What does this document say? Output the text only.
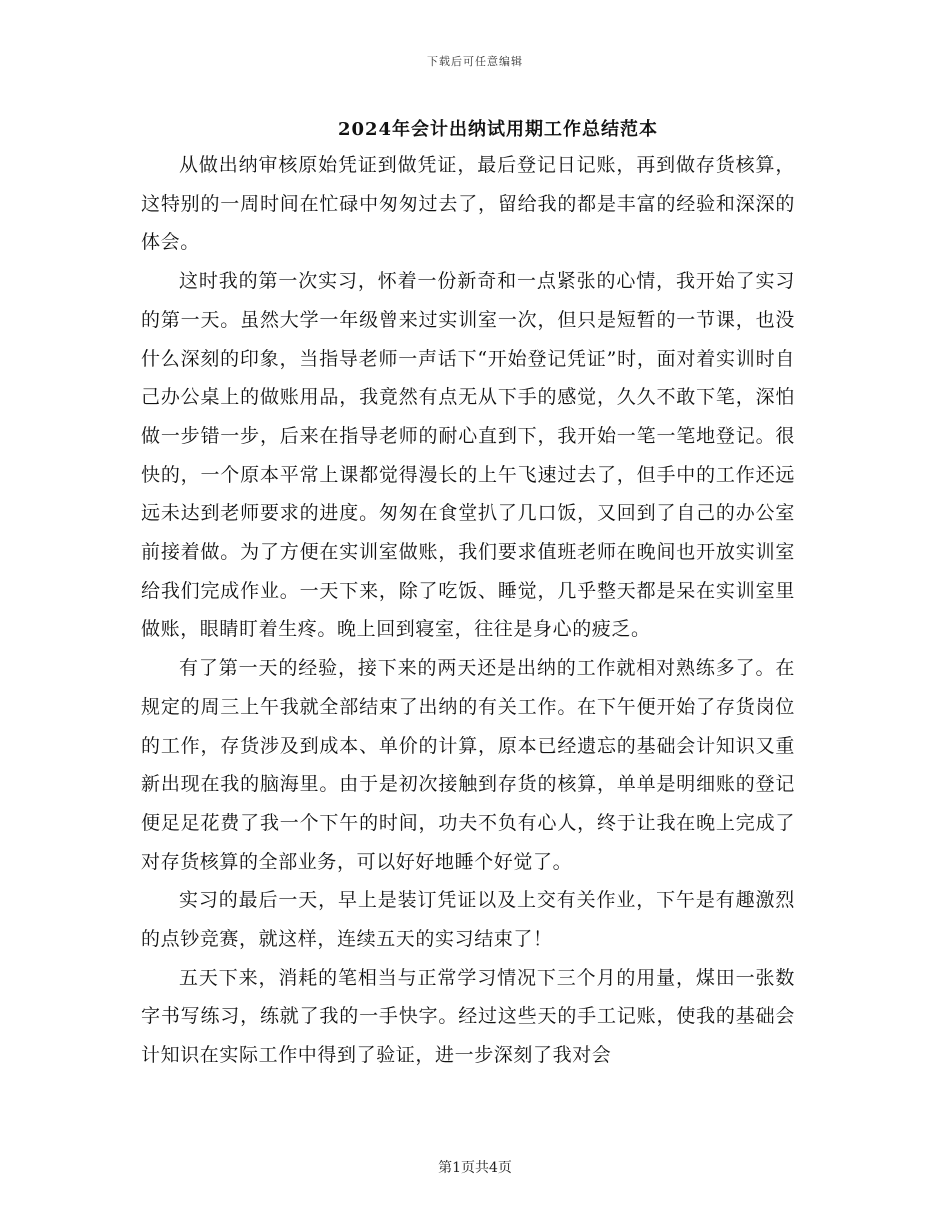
下载后可任意编辑
2024年会计出纳试用期工作总结范本

从做出纳审核原始凭证到做凭证，最后登记日记账，再到做存货核算，这特别的一周时间在忙碌中匆匆过去了，留给我的都是丰富的经验和深深的体会。

这时我的第一次实习，怀着一份新奇和一点紧张的心情，我开始了实习的第一天。虽然大学一年级曾来过实训室一次，但只是短暂的一节课，也没什么深刻的印象，当指导老师一声话下“开始登记凭证”时，面对着实训时自己办公桌上的做账用品，我竟然有点无从下手的感觉，久久不敢下笔，深怕做一步错一步，后来在指导老师的耐心直到下，我开始一笔一笔地登记。很快的，一个原本平常上课都觉得漫长的上午飞速过去了，但手中的工作还远远未达到老师要求的进度。匆匆在食堂扒了几口饭，又回到了自己的办公室前接着做。为了方便在实训室做账，我们要求值班老师在晚间也开放实训室给我们完成作业。一天下来，除了吃饭、睡觉，几乎整天都是呆在实训室里做账，眼睛盯着生疼。晚上回到寝室，往往是身心的疲乏。

有了第一天的经验，接下来的两天还是出纳的工作就相对熟练多了。在规定的周三上午我就全部结束了出纳的有关工作。在下午便开始了存货岗位的工作，存货涉及到成本、单价的计算，原本已经遗忘的基础会计知识又重新出现在我的脑海里。由于是初次接触到存货的核算，单单是明细账的登记便足足花费了我一个下午的时间，功夫不负有心人，终于让我在晚上完成了对存货核算的全部业务，可以好好地睡个好觉了。

实习的最后一天，早上是装订凭证以及上交有关作业，下午是有趣激烈的点钞竞赛，就这样，连续五天的实习结束了！

五天下来，消耗的笔相当与正常学习情况下三个月的用量，煤田一张数字书写练习，练就了我的一手快字。经过这些天的手工记账，使我的基础会计知识在实际工作中得到了验证，进一步深刻了我对会

第1页共4页
